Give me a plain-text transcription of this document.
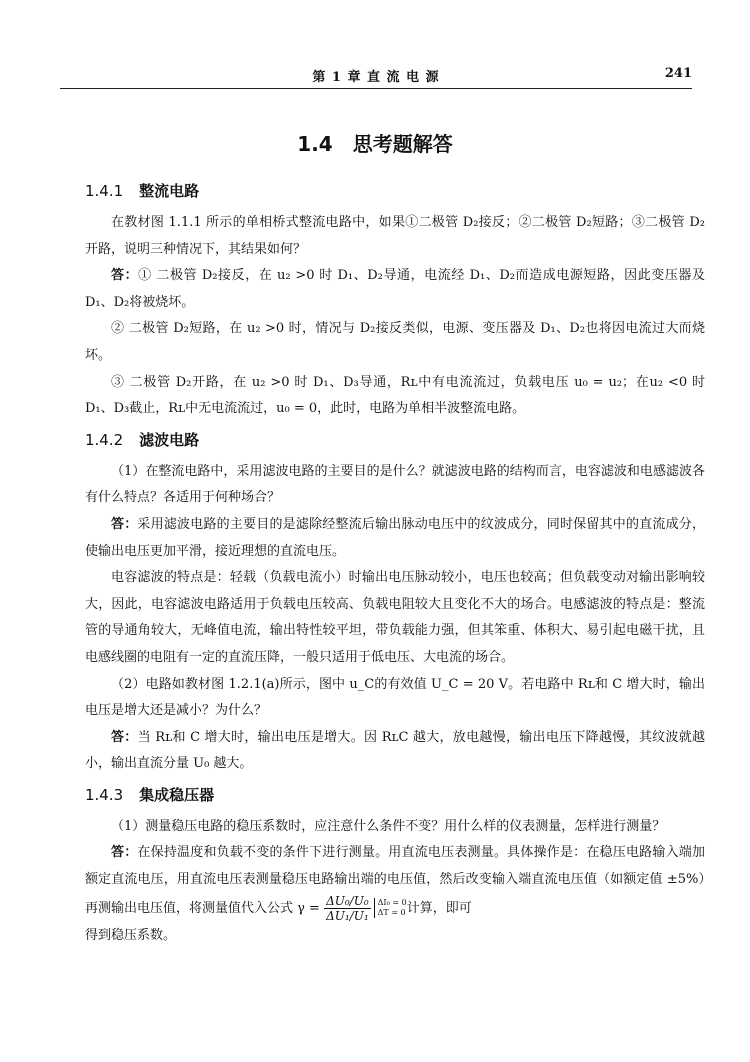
第 1 章 直 流 电 源	241
1.4　思考题解答
1.4.1 整流电路

在教材图 1.1.1 所示的单相桥式整流电路中，如果①二极管 D₂接反；②二极管 D₂短路；③二极管 D₂开路，说明三种情况下，其结果如何？

答：① 二极管 D₂接反，在 u₂ >0 时 D₁、D₂导通，电流经 D₁、D₂而造成电源短路，因此变压器及 D₁、D₂将被烧坏。

② 二极管 D₂短路，在 u₂ >0 时，情况与 D₂接反类似，电源、变压器及 D₁、D₂也将因电流过大而烧坏。

③ 二极管 D₂开路，在 u₂ >0 时 D₁、D₃导通，Rʟ中有电流流过，负载电压 u₀ = u₂；在u₂ <0 时 D₁、D₃截止，Rʟ中无电流流过，u₀ = 0，此时，电路为单相半波整流电路。

1.4.2 滤波电路

（1）在整流电路中，采用滤波电路的主要目的是什么？就滤波电路的结构而言，电容滤波和电感滤波各有什么特点？各适用于何种场合？

答：采用滤波电路的主要目的是滤除经整流后输出脉动电压中的纹波成分，同时保留其中的直流成分，使输出电压更加平滑，接近理想的直流电压。

电容滤波的特点是：轻载（负载电流小）时输出电压脉动较小，电压也较高；但负载变动对输出影响较大，因此，电容滤波电路适用于负载电压较高、负载电阻较大且变化不大的场合。电感滤波的特点是：整流管的导通角较大，无峰值电流，输出特性较平坦，带负载能力强，但其笨重、体积大、易引起电磁干扰，且电感线圈的电阻有一定的直流压降，一般只适用于低电压、大电流的场合。

（2）电路如教材图 1.2.1(a)所示，图中 u_C的有效值 U_C = 20 V。若电路中 Rʟ和 C 增大时，输出电压是增大还是减小？为什么？

答：当 Rʟ和 C 增大时，输出电压是增大。因 RʟC 越大，放电越慢，输出电压下降越慢，其纹波就越小，输出直流分量 U₀ 越大。

1.4.3 集成稳压器

（1）测量稳压电路的稳压系数时，应注意什么条件不变？用什么样的仪表测量，怎样进行测量？

答：在保持温度和负载不变的条件下进行测量。用直流电压表测量。具体操作是：在稳压电路输入端加额定直流电压，用直流电压表测量稳压电路输出端的电压值，然后改变输入端直流电压值（如额定值 ±5%）再测输出电压值，将测量值代入公式 $\gamma = \frac{\text{ΔU₀/U₀}}{\text{ΔU₁/U₁}} \Delta I_0 = 0$
ΔT = 0 计算，即可

得到稳压系数。
